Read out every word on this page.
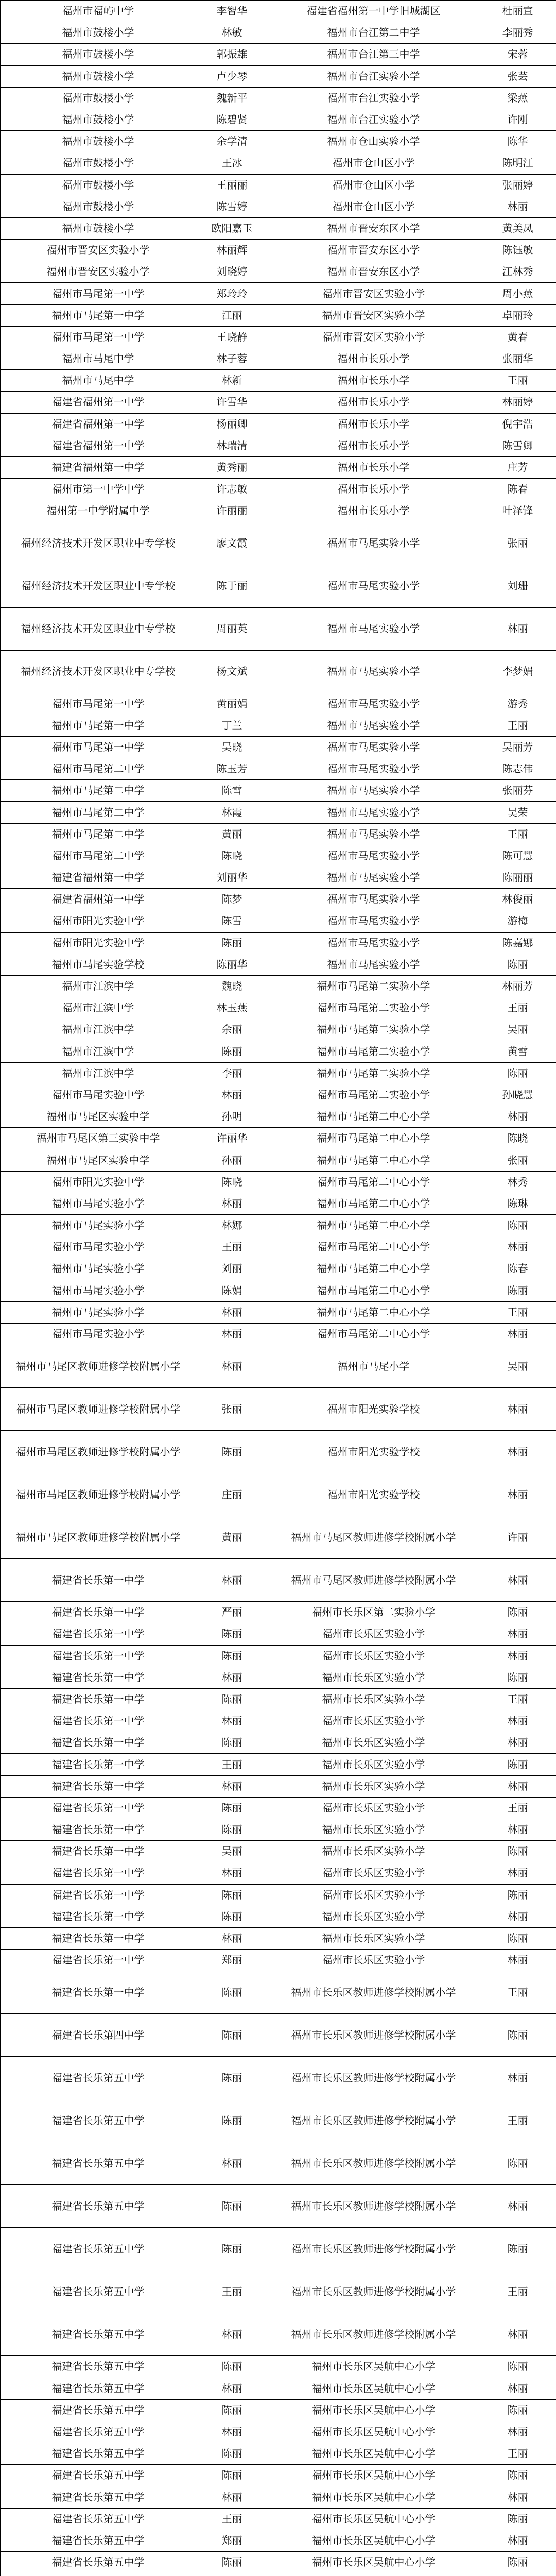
福州市福屿中学	李智华	福建省福州第一中学旧城湖区	杜丽宣
福州市鼓楼小学	林敏	福州市台江第二中学	李丽秀
福州市鼓楼小学	郭振雄	福州市台江第三中学	宋蓉
福州市鼓楼小学	卢少琴	福州市台江实验小学	张芸
福州市鼓楼小学	魏新平	福州市台江实验小学	梁燕
福州市鼓楼小学	陈碧贤	福州市台江实验小学	许刚
福州市鼓楼小学	余学清	福州市仓山实验小学	陈华
福州市鼓楼小学	王冰	福州市仓山区小学	陈明江
福州市鼓楼小学	王丽丽	福州市仓山区小学	张丽婷
福州市鼓楼小学	陈雪婷	福州市仓山区小学	林丽
福州市鼓楼小学	欧阳嘉玉	福州市晋安东区小学	黄美凤
福州市晋安区实验小学	林丽辉	福州市晋安东区小学	陈钰敏
福州市晋安区实验小学	刘晓婷	福州市晋安东区小学	江林秀
福州市马尾第一中学	郑玲玲	福州市晋安区实验小学	周小燕
福州市马尾第一中学	江丽	福州市晋安区实验小学	卓丽玲
福州市马尾第一中学	王晓静	福州市晋安区实验小学	黄春
福州市马尾中学	林子蓉	福州市长乐小学	张丽华
福州市马尾中学	林新	福州市长乐小学	王丽
福建省福州第一中学	许雪华	福州市长乐小学	林丽婷
福建省福州第一中学	杨丽卿	福州市长乐小学	倪宇浩
福建省福州第一中学	林瑞清	福州市长乐小学	陈雪卿
福建省福州第一中学	黄秀丽	福州市长乐小学	庄芳
福州市第一中学中学	许志敏	福州市长乐小学	陈春
福州第一中学附属中学	许丽丽	福州市长乐小学	叶泽锋
福州经济技术开发区职业中专学校	廖文霞	福州市马尾实验小学	张丽
福州经济技术开发区职业中专学校	陈于丽	福州市马尾实验小学	刘珊
福州经济技术开发区职业中专学校	周丽英	福州市马尾实验小学	林丽
福州经济技术开发区职业中专学校	杨文斌	福州市马尾实验小学	李梦娟
福州市马尾第一中学	黄丽娟	福州市马尾实验小学	游秀
福州市马尾第一中学	丁兰	福州市马尾实验小学	王丽
福州市马尾第一中学	吴晓	福州市马尾实验小学	吴丽芳
福州市马尾第二中学	陈玉芳	福州市马尾实验小学	陈志伟
福州市马尾第二中学	陈雪	福州市马尾实验小学	张丽芬
福州市马尾第二中学	林霞	福州市马尾实验小学	吴荣
福州市马尾第二中学	黄丽	福州市马尾实验小学	王丽
福州市马尾第二中学	陈晓	福州市马尾实验小学	陈可慧
福建省福州第一中学	刘丽华	福州市马尾实验小学	陈丽丽
福建省福州第一中学	陈梦	福州市马尾实验小学	林俊丽
福州市阳光实验中学	陈雪	福州市马尾实验小学	游梅
福州市阳光实验中学	陈丽	福州市马尾实验小学	陈嘉娜
福州市马尾实验学校	陈丽华	福州市马尾实验小学	陈丽
福州市江滨中学	魏晓	福州市马尾第二实验小学	林丽芳
福州市江滨中学	林玉燕	福州市马尾第二实验小学	王丽
福州市江滨中学	余丽	福州市马尾第二实验小学	吴丽
福州市江滨中学	陈丽	福州市马尾第二实验小学	黄雪
福州市江滨中学	李丽	福州市马尾第二实验小学	陈丽
福州市马尾实验中学	林丽	福州市马尾第二实验小学	孙晓慧
福州市马尾区实验中学	孙明	福州市马尾第二中心小学	林丽
福州市马尾区第三实验中学	许丽华	福州市马尾第二中心小学	陈晓
福州市马尾区实验中学	孙丽	福州市马尾第二中心小学	张丽
福州市阳光实验中学	陈晓	福州市马尾第二中心小学	林秀
福州市马尾实验小学	林丽	福州市马尾第二中心小学	陈琳
福州市马尾实验小学	林娜	福州市马尾第二中心小学	陈丽
福州市马尾实验小学	王丽	福州市马尾第二中心小学	林丽
福州市马尾实验小学	刘丽	福州市马尾第二中心小学	陈春
福州市马尾实验小学	陈娟	福州市马尾第二中心小学	陈丽
福州市马尾实验小学	林丽	福州市马尾第二中心小学	王丽
福州市马尾实验小学	林丽	福州市马尾第二中心小学	林丽
福州市马尾区教师进修学校附属小学	林丽	福州市马尾小学	吴丽
福州市马尾区教师进修学校附属小学	张丽	福州市阳光实验学校	林丽
福州市马尾区教师进修学校附属小学	陈丽	福州市阳光实验学校	林丽
福州市马尾区教师进修学校附属小学	庄丽	福州市阳光实验学校	林丽
福州市马尾区教师进修学校附属小学	黄丽	福州市马尾区教师进修学校附属小学	许丽
福建省长乐第一中学	林丽	福州市马尾区教师进修学校附属小学	林丽
福建省长乐第一中学	严丽	福州市长乐区第二实验小学	陈丽
福建省长乐第一中学	陈丽	福州市长乐区实验小学	林丽
福建省长乐第一中学	陈丽	福州市长乐区实验小学	林丽
福建省长乐第一中学	林丽	福州市长乐区实验小学	陈丽
福建省长乐第一中学	陈丽	福州市长乐区实验小学	王丽
福建省长乐第一中学	林丽	福州市长乐区实验小学	林丽
福建省长乐第一中学	陈丽	福州市长乐区实验小学	林丽
福建省长乐第一中学	王丽	福州市长乐区实验小学	陈丽
福建省长乐第一中学	林丽	福州市长乐区实验小学	林丽
福建省长乐第一中学	陈丽	福州市长乐区实验小学	王丽
福建省长乐第一中学	陈丽	福州市长乐区实验小学	林丽
福建省长乐第一中学	吴丽	福州市长乐区实验小学	陈丽
福建省长乐第一中学	林丽	福州市长乐区实验小学	林丽
福建省长乐第一中学	陈丽	福州市长乐区实验小学	陈丽
福建省长乐第一中学	陈丽	福州市长乐区实验小学	林丽
福建省长乐第一中学	林丽	福州市长乐区实验小学	陈丽
福建省长乐第一中学	郑丽	福州市长乐区实验小学	林丽
福建省长乐第一中学	陈丽	福州市长乐区教师进修学校附属小学	王丽
福建省长乐第四中学	陈丽	福州市长乐区教师进修学校附属小学	陈丽
福建省长乐第五中学	陈丽	福州市长乐区教师进修学校附属小学	林丽
福建省长乐第五中学	陈丽	福州市长乐区教师进修学校附属小学	王丽
福建省长乐第五中学	林丽	福州市长乐区教师进修学校附属小学	陈丽
福建省长乐第五中学	陈丽	福州市长乐区教师进修学校附属小学	林丽
福建省长乐第五中学	陈丽	福州市长乐区教师进修学校附属小学	陈丽
福建省长乐第五中学	王丽	福州市长乐区教师进修学校附属小学	王丽
福建省长乐第五中学	林丽	福州市长乐区教师进修学校附属小学	林丽
福建省长乐第五中学	陈丽	福州市长乐区吴航中心小学	陈丽
福建省长乐第五中学	林丽	福州市长乐区吴航中心小学	林丽
福建省长乐第五中学	陈丽	福州市长乐区吴航中心小学	陈丽
福建省长乐第五中学	林丽	福州市长乐区吴航中心小学	林丽
福建省长乐第五中学	陈丽	福州市长乐区吴航中心小学	王丽
福建省长乐第五中学	陈丽	福州市长乐区吴航中心小学	陈丽
福建省长乐第五中学	林丽	福州市长乐区吴航中心小学	林丽
福建省长乐第五中学	王丽	福州市长乐区吴航中心小学	陈丽
福建省长乐第五中学	郑丽	福州市长乐区吴航中心小学	林丽
福建省长乐第五中学	陈丽	福州市长乐区吴航中心小学	陈丽
